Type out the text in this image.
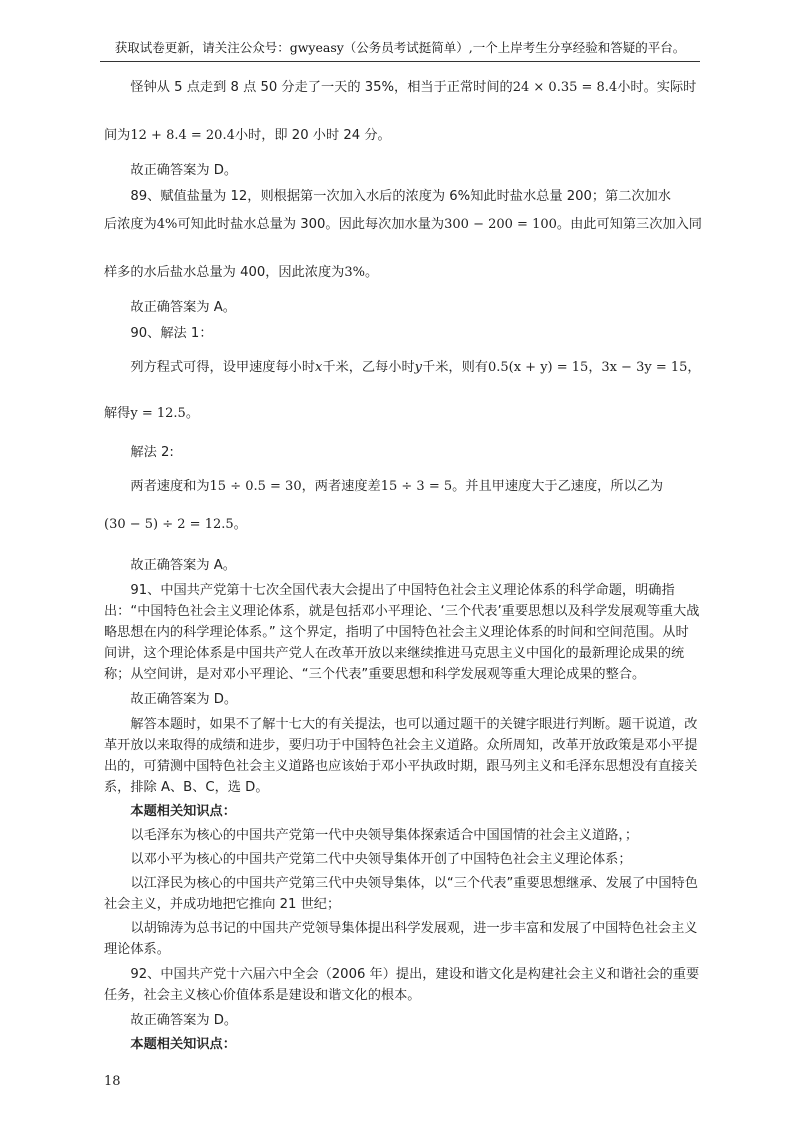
获取试卷更新，请关注公众号：gwyeasy（公务员考试挺简单）,一个上岸考生分享经验和答疑的平台。
怪钟从 5 点走到 8 点 50 分走了一天的 35%，相当于正常时间的24 × 0.35 = 8.4小时。实际时
间为12 + 8.4 = 20.4小时，即 20 小时 24 分。

故正确答案为 D。

89、赋值盐量为 12，则根据第一次加入水后的浓度为 6%知此时盐水总量 200；第二次加水

后浓度为4%可知此时盐水总量为 300。因此每次加水量为300 − 200 = 100。由此可知第三次加入同
样多的水后盐水总量为 400，因此浓度为3%。

故正确答案为 A。

90、解法 1：

列方程式可得，设甲速度每小时x千米，乙每小时y千米，则有0.5(x + y) = 15，3x − 3y = 15，
解得y = 12.5。

解法 2:

两者速度和为15 ÷ 0.5 = 30，两者速度差15 ÷ 3 = 5。并且甲速度大于乙速度，所以乙为
(30 − 5) ÷ 2 = 12.5。

故正确答案为 A。

91、中国共产党第十七次全国代表大会提出了中国特色社会主义理论体系的科学命题，明确指出：“中国特色社会主义理论体系，就是包括邓小平理论、‘三个代表’重要思想以及科学发展观等重大战略思想在内的科学理论体系。” 这个界定，指明了中国特色社会主义理论体系的时间和空间范围。从时间讲，这个理论体系是中国共产党人在改革开放以来继续推进马克思主义中国化的最新理论成果的统称；从空间讲，是对邓小平理论、“三个代表”重要思想和科学发展观等重大理论成果的整合。

故正确答案为 D。

解答本题时，如果不了解十七大的有关提法，也可以通过题干的关键字眼进行判断。题干说道，改革开放以来取得的成绩和进步，要归功于中国特色社会主义道路。众所周知，改革开放政策是邓小平提出的，可猜测中国特色社会主义道路也应该始于邓小平执政时期，跟马列主义和毛泽东思想没有直接关系，排除 A、B、C，选 D。

本题相关知识点：

以毛泽东为核心的中国共产党第一代中央领导集体探索适合中国国情的社会主义道路，；

以邓小平为核心的中国共产党第二代中央领导集体开创了中国特色社会主义理论体系；

以江泽民为核心的中国共产党第三代中央领导集体，以“三个代表”重要思想继承、发展了中国特色社会主义，并成功地把它推向 21 世纪；

以胡锦涛为总书记的中国共产党领导集体提出科学发展观，进一步丰富和发展了中国特色社会主义理论体系。

92、中国共产党十六届六中全会（2006 年）提出，建设和谐文化是构建社会主义和谐社会的重要任务，社会主义核心价值体系是建设和谐文化的根本。

故正确答案为 D。

本题相关知识点：

18
